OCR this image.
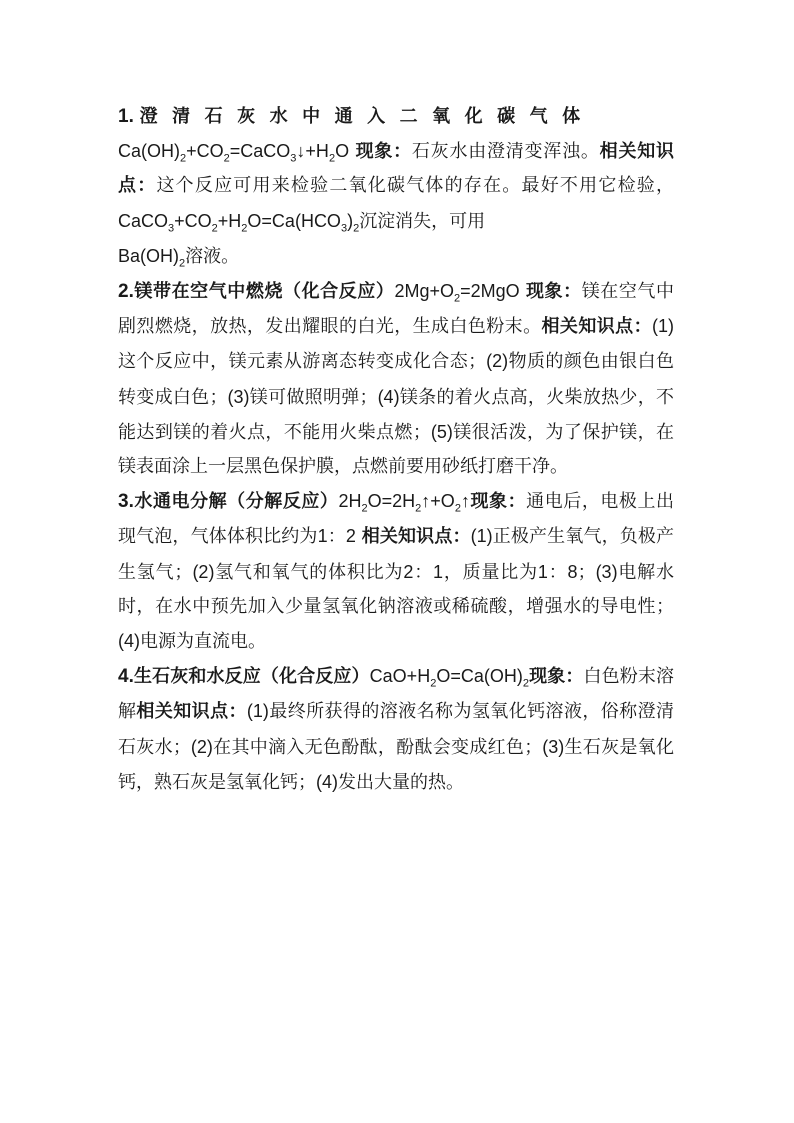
1. 澄清石灰水中通入二氧化碳气体
$Ca(OH)_2+CO_2=CaCO_3↓+H_2O$ 现象：石灰水由澄清变浑浊。相关知识点：这个反应可用来检验二氧化碳气体的存在。最好不用它检验，$CaCO_3+CO_2+H_2O=Ca(HCO_3)_2$沉淀消失，可用
$Ba(OH)_2$溶液。

2.镁带在空气中燃烧（化合反应）$2Mg+O_2=2MgO$ 现象：镁在空气中剧烈燃烧，放热，发出耀眼的白光，生成白色粉末。相关知识点：(1)这个反应中，镁元素从游离态转变成化合态；(2)物质的颜色由银白色转变成白色；(3)镁可做照明弹；(4)镁条的着火点高，火柴放热少，不能达到镁的着火点，不能用火柴点燃；(5)镁很活泼，为了保护镁，在镁表面涂上一层黑色保护膜，点燃前要用砂纸打磨干净。

3.水通电分解（分解反应）$2H_2O=2H_2↑+O_2↑$现象：通电后，电极上出现气泡，气体体积比约为1：2 相关知识点：(1)正极产生氧气，负极产生氢气；(2)氢气和氧气的体积比为2：1，质量比为1：8；(3)电解水时，在水中预先加入少量氢氧化钠溶液或稀硫酸，增强水的导电性；(4)电源为直流电。

4.生石灰和水反应（化合反应）$CaO+H_2O=Ca(OH)_2$现象：白色粉末溶解相关知识点：(1)最终所获得的溶液名称为氢氧化钙溶液，俗称澄清石灰水；(2)在其中滴入无色酚酞，酚酞会变成红色；(3)生石灰是氧化钙，熟石灰是氢氧化钙；(4)发出大量的热。
